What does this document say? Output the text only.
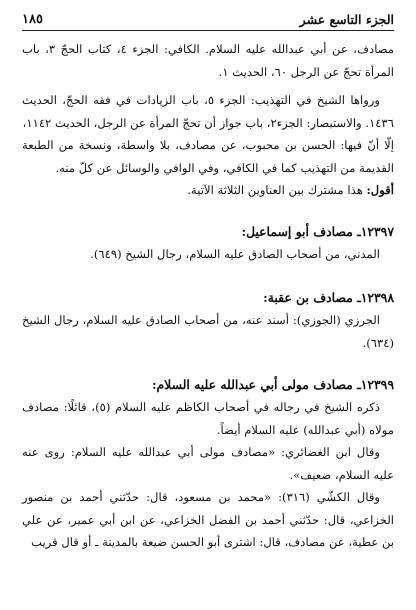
الجزء التاسع عشر
١٨٥

مصادف، عن أبي عبدالله عليه السلام. الكافي: الجزء ٤، كتاب الحجّ ٣، باب المرأة تحجّ عن الرجل ٦٠، الحديث ١.

ورواها الشيخ في التهذيب: الجزء ٥، باب الزيادات في فقه الحجّ، الحديث ١٤٣٦. والاستبصار: الجزء٢، باب جواز أن تحجّ المرأة عن الرجل، الحديث ١١٤٢،

إلّا أنّ فيها: الحسن بن محبوب، عن مصادف، بلا واسطة، ونسخة من الطبعة القديمة من التهذيب كما في الكافي، وفي الوافي والوسائل عن كلّ منه.

أقول: هذا مشترك بين العناوين الثلاثة الآتية.

١٢٣٩٧ـ مصادف أبو إسماعيل:

المدني، من أصحاب الصادق عليه السلام، رجال الشيخ (٦٤٩).

١٢٣٩٨ـ مصادف بن عقبة:

الجرزي (الجوزي): أسند عنه، من أصحاب الصادق عليه السلام، رجال الشيخ (٦٣٤).

١٢٣٩٩ـ مصادف مولى أبي عبدالله عليه السلام:

ذكره الشيخ في رجاله في أصحاب الكاظم عليه السلام (٥)، قائلًا: مصادف مولاه (أبي عبدالله) عليه السلام أيضاً.

وقال ابن الغضائري: «مصادف مولى أبي عبدالله عليه السلام: روى عنه عليه السلام، ضعيف».

وقال الكشّي (٣١٦): «محمد بن مسعود، قال: حدّثني أحمد بن منصور الخزاعي، قال: حدّثني أحمد بن الفضل الخزاعي، عن ابن أبي عمير، عن علي بن عطية، عن مصادف، قال: اشترى أبو الحسن ضيعة بالمدينة ـ أو قال قريب
